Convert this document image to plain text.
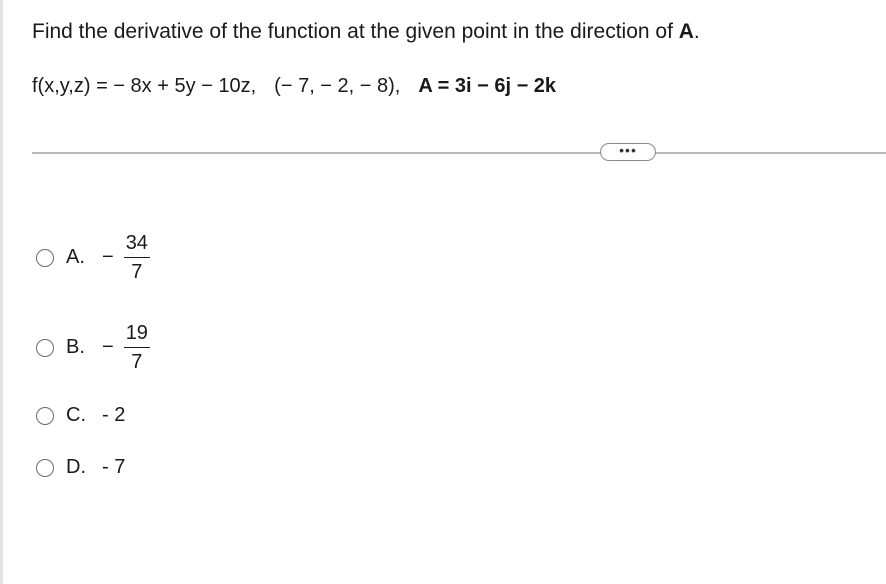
Find the derivative of the function at the given point in the direction of A.
f(x,y,z) = − 8x + 5y − 10z, (− 7, − 2, − 8), A = 3i − 6j − 2k
•••
A. − $\frac{34}{7}$
B. − $\frac{19}{7}$
C. - 2
D. - 7
